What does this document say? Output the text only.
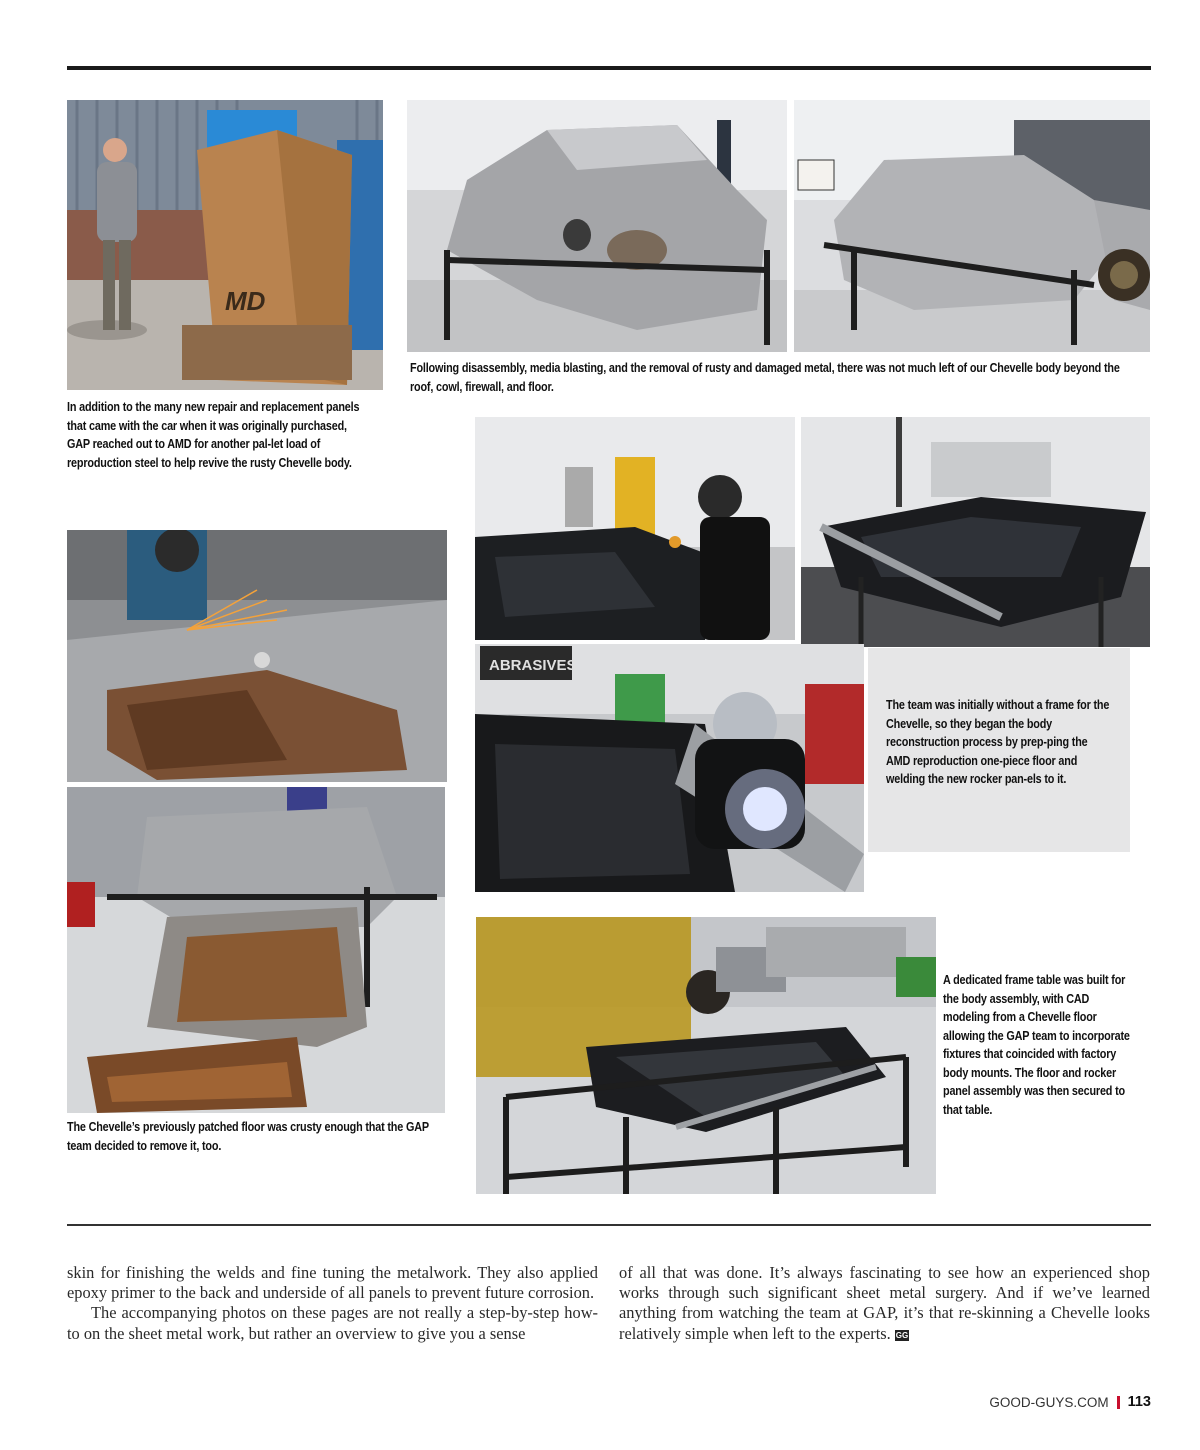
MD
Following disassembly, media blasting, and the removal of rusty and damaged metal, there was not much left of our Chevelle body beyond the roof, cowl, firewall, and floor.
In addition to the many new repair and replacement panels that came with the car when it was originally purchased, GAP reached out to AMD for another pal-let load of reproduction steel to help revive the rusty Chevelle body.
The Chevelle’s previously patched floor was crusty enough that the GAP team decided to remove it, too.
ABRASIVES
The team was initially without a frame for the Chevelle, so they began the body reconstruction process by prep-ping the AMD reproduction one-piece floor and welding the new rocker pan-els to it.
A dedicated frame table was built for the body assembly, with CAD modeling from a Chevelle floor allowing the GAP team to incorporate fixtures that coincided with factory body mounts. The floor and rocker panel assembly was then secured to that table.

skin for finishing the welds and fine tuning the metalwork. They also applied epoxy primer to the back and underside of all panels to prevent future corrosion.

The accompanying photos on these pages are not really a step-by-step how-to on the sheet metal work, but rather an overview to give you a sense

of all that was done. It’s always fascinating to see how an experienced shop works through such significant sheet metal surgery. And if we’ve learned anything from watching the team at GAP, it’s that re-skinning a Chevelle looks relatively simple when left to the experts. GG

GOOD-GUYS.COM 113
